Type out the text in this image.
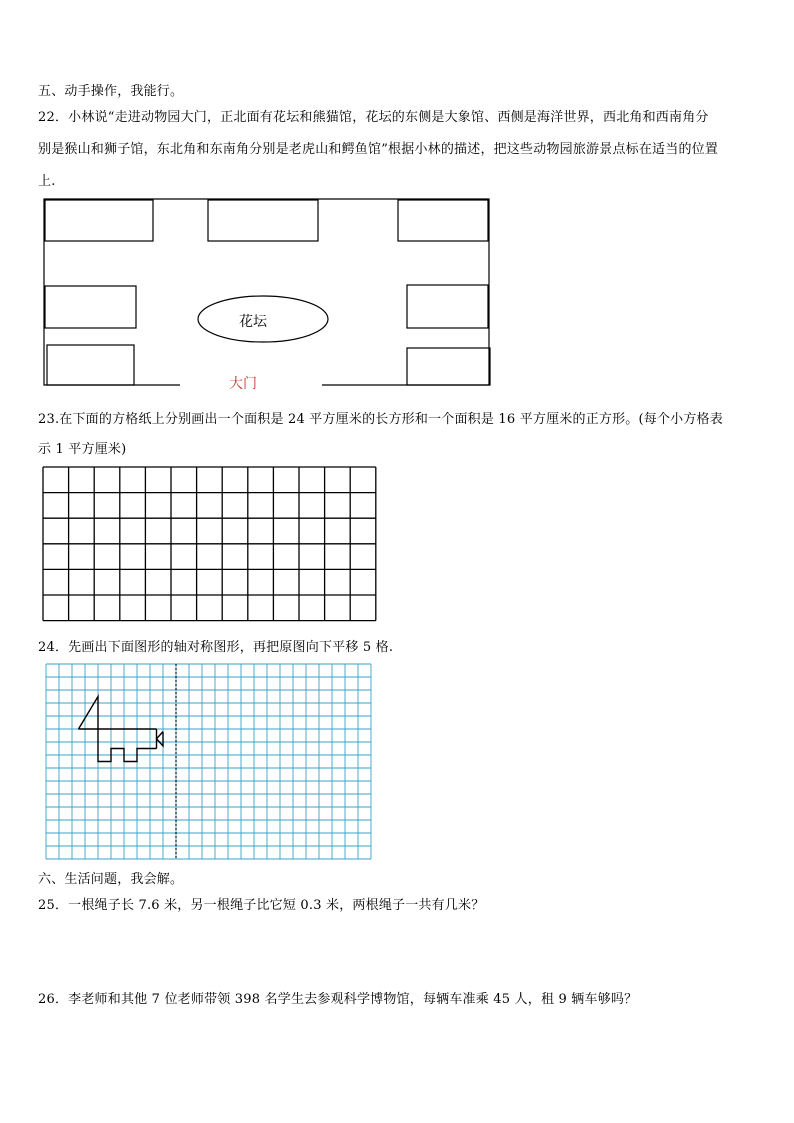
五、动手操作，我能行。
22．小林说“走进动物园大门，正北面有花坛和熊猫馆，花坛的东侧是大象馆、西侧是海洋世界，西北角和西南角分
别是猴山和狮子馆，东北角和东南角分别是老虎山和鳄鱼馆”根据小林的描述，把这些动物园旅游景点标在适当的位置
上.
花坛
大门
23.在下面的方格纸上分别画出一个面积是 24 平方厘米的长方形和一个面积是 16 平方厘米的正方形。(每个小方格表
示 1 平方厘米)
24．先画出下面图形的轴对称图形，再把原图向下平移 5 格.
六、生活问题，我会解。
25．一根绳子长 7.6 米，另一根绳子比它短 0.3 米，两根绳子一共有几米？
26．李老师和其他 7 位老师带领 398 名学生去参观科学博物馆，每辆车准乘 45 人，租 9 辆车够吗？
